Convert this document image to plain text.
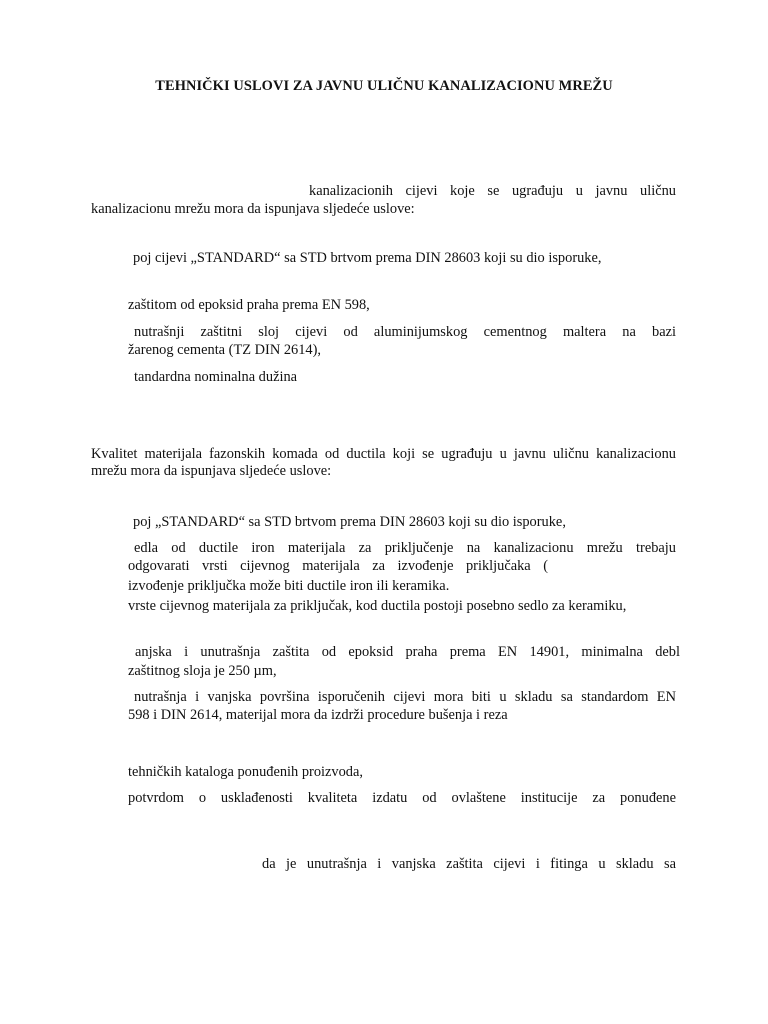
TEHNIČKI USLOVI ZA JAVNU ULIČNU KANALIZACIONU MREŽU
kanalizacionih cijevi koje se ugrađuju u javnu uličnu
kanalizacionu mrežu mora da ispunjava sljedeće uslove:
poj cijevi „STANDARD“ sa STD brtvom prema DIN 28603 koji su dio isporuke,
zaštitom od epoksid praha prema EN 598,
nutrašnji zaštitni sloj cijevi od aluminijumskog cementnog maltera na bazi
žarenog cementa (TZ DIN 2614),
tandardna nominalna dužina
Kvalitet materijala fazonskih komada od ductila koji se ugrađuju u javnu uličnu kanalizacionu
mrežu mora da ispunjava sljedeće uslove:
poj „STANDARD“ sa STD brtvom prema DIN 28603 koji su dio isporuke,
edla od ductile iron materijala za priključenje na kanalizacionu mrežu trebaju
odgovarati vrsti cijevnog materijala za izvođenje priključaka (
izvođenje priključka može biti ductile iron ili keramika.
vrste cijevnog materijala za priključak, kod ductila postoji posebno sedlo za keramiku,
anjska i unutrašnja zaštita od epoksid praha prema EN 14901, minimalna debl
zaštitnog sloja je 250 µm,
nutrašnja i vanjska površina isporučenih cijevi mora biti u skladu sa standardom EN
598 i DIN 2614, materijal mora da izdrži procedure bušenja i reza
tehničkih kataloga ponuđenih proizvoda,
potvrdom o usklađenosti kvaliteta izdatu od ovlaštene institucije za ponuđene
da je unutrašnja i vanjska zaštita cijevi i fitinga u skladu sa
